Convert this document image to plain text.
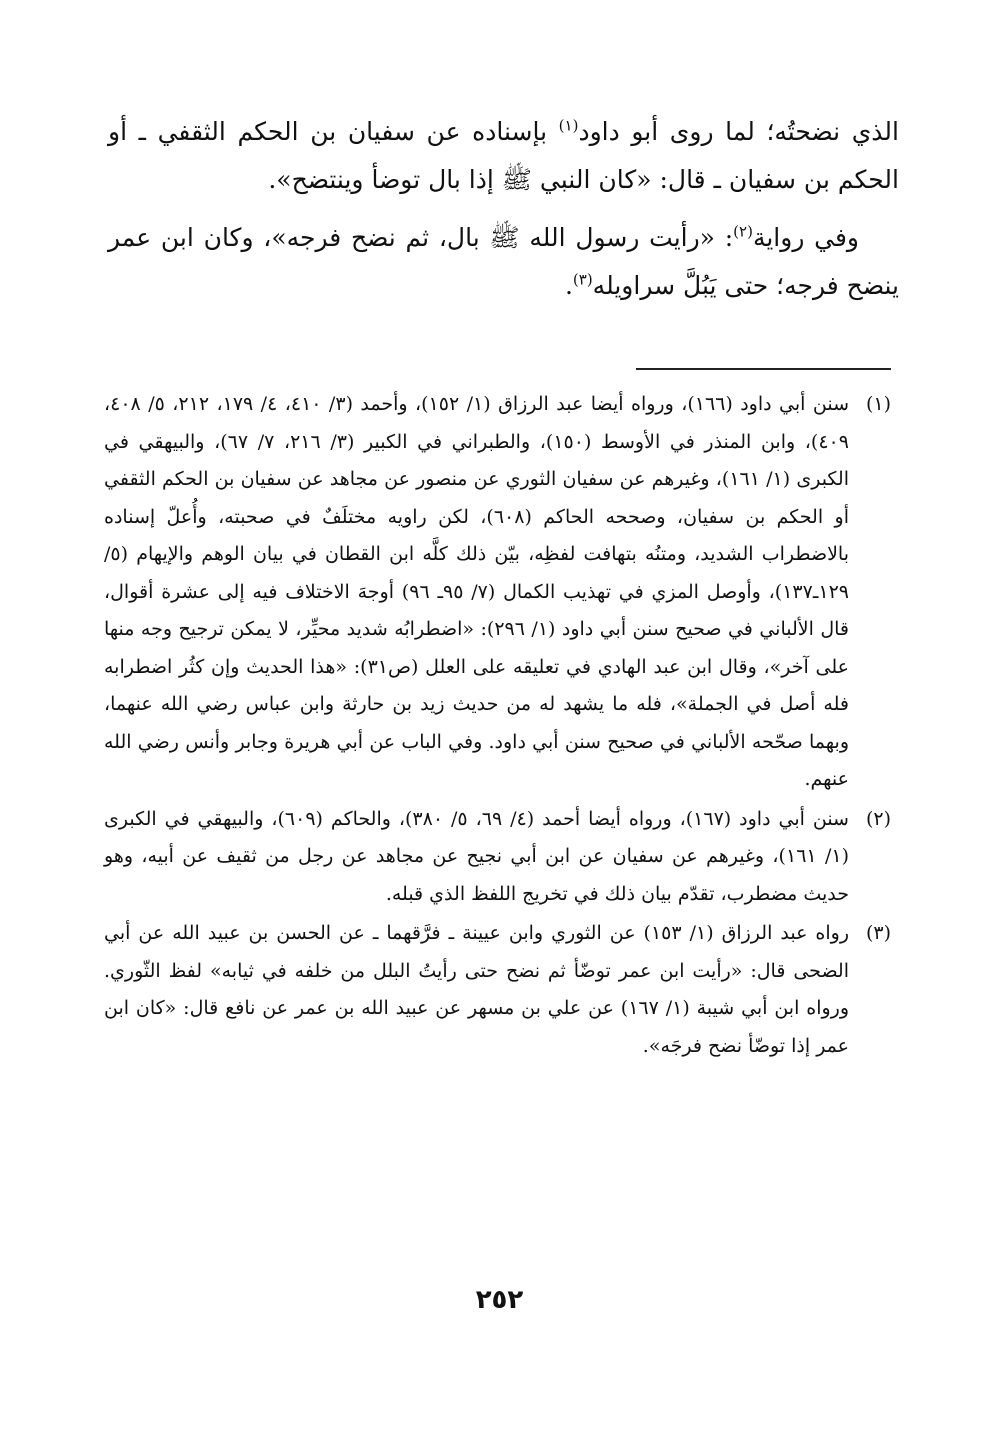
الذي نضحتُه؛ لما روى أبو داود$^{(١)}$ بإسناده عن سفيان بن الحكم الثقفي ـ أو الحكم بن سفيان ـ قال: «كان النبي ﷺ إذا بال توضأ وينتضح».

وفي رواية$^{(٢)}$: «رأيت رسول الله ﷺ بال، ثم نضح فرجه»، وكان ابن عمر ينضح فرجه؛ حتى يَبُلَّ سراويله$^{(٣)}$.

(١)
سنن أبي داود (١٦٦)، ورواه أيضا عبد الرزاق (١/ ١٥٢)، وأحمد (٣/ ٤١٠، ٤/ ١٧٩، ٢١٢، ٥/ ٤٠٨، ٤٠٩)، وابن المنذر في الأوسط (١٥٠)، والطبراني في الكبير (٣/ ٢١٦، ٧/ ٦٧)، والبيهقي في الكبرى (١/ ١٦١)، وغيرهم عن سفيان الثوري عن منصور عن مجاهد عن سفيان بن الحكم الثقفي أو الحكم بن سفيان، وصححه الحاكم (٦٠٨)، لكن راويه مختلَفٌ في صحبته، وأُعلّ إسناده بالاضطراب الشديد، ومتنُه بتهافت لفظِه، بيّن ذلك كلَّه ابن القطان في بيان الوهم والإيهام (٥/ ١٢٩ـ١٣٧)، وأوصل المزي في تهذيب الكمال (٧/ ٩٥ـ ٩٦) أوجهَ الاختلاف فيه إلى عشرة أقوال، قال الألباني في صحيح سنن أبي داود (١/ ٢٩٦): «اضطرابُه شديد محيِّر، لا يمكن ترجيح وجه منها على آخر»، وقال ابن عبد الهادي في تعليقه على العلل (ص٣١): «هذا الحديث وإن كثُر اضطرابه فله أصل في الجملة»، فله ما يشهد له من حديث زيد بن حارثة وابن عباس رضي الله عنهما، وبهما صحّحه الألباني في صحيح سنن أبي داود. وفي الباب عن أبي هريرة وجابر وأنس رضي الله عنهم.
(٢)
سنن أبي داود (١٦٧)، ورواه أيضا أحمد (٤/ ٦٩، ٥/ ٣٨٠)، والحاكم (٦٠٩)، والبيهقي في الكبرى (١/ ١٦١)، وغيرهم عن سفيان عن ابن أبي نجيح عن مجاهد عن رجل من ثقيف عن أبيه، وهو حديث مضطرب، تقدّم بيان ذلك في تخريج اللفظ الذي قبله.
(٣)
رواه عبد الرزاق (١/ ١٥٣) عن الثوري وابن عيينة ـ فرَّقهما ـ عن الحسن بن عبيد الله عن أبي الضحى قال: «رأيت ابن عمر توضّأ ثم نضح حتى رأيتُ البلل من خلفه في ثيابه» لفظ الثّوري. ورواه ابن أبي شيبة (١/ ١٦٧) عن علي بن مسهر عن عبيد الله بن عمر عن نافع قال: «كان ابن عمر إذا توضّأ نضح فرجَه».
٢٥٢
